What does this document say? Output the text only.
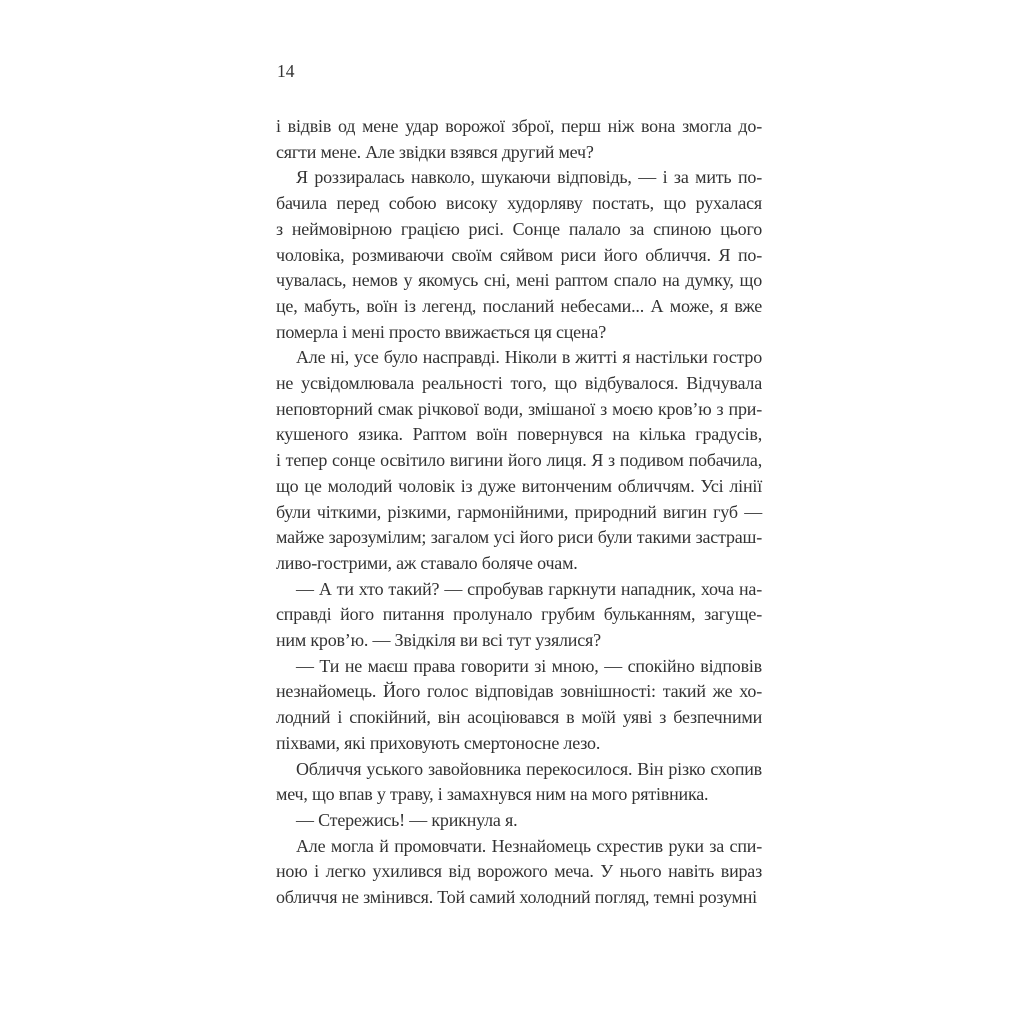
14
і відвів од мене удар ворожої зброї, перш ніж вона змогла до-
сягти мене. Але звідки взявся другий меч?
Я роззиралась навколо, шукаючи відповідь, — і за мить по-
бачила перед собою високу худорляву постать, що рухалася
з неймовірною грацією рисі. Сонце палало за спиною цього
чоловіка, розмиваючи своїм сяйвом риси його обличчя. Я по-
чувалась, немов у якомусь сні, мені раптом спало на думку, що
це, мабуть, воїн із легенд, посланий небесами... А може, я вже
померла і мені просто ввижається ця сцена?
Але ні, усе було насправді. Ніколи в житті я настільки гостро
не усвідомлювала реальності того, що відбувалося. Відчувала
неповторний смак річкової води, змішаної з моєю кров’ю з при-
кушеного язика. Раптом воїн повернувся на кілька градусів,
і тепер сонце освітило вигини його лиця. Я з подивом побачила,
що це молодий чоловік із дуже витонченим обличчям. Усі лінії
були чіткими, різкими, гармонійними, природний вигин губ —
майже зарозумілим; загалом усі його риси були такими застраш-
ливо-гострими, аж ставало боляче очам.
— А ти хто такий? — спробував гаркнути нападник, хоча на-
справді його питання пролунало грубим бульканням, загуще-
ним кров’ю. — Звідкіля ви всі тут узялися?
— Ти не маєш права говорити зі мною, — спокійно відповів
незнайомець. Його голос відповідав зовнішності: такий же хо-
лодний і спокійний, він асоціювався в моїй уяві з безпечними
піхвами, які приховують смертоносне лезо.
Обличчя уського завойовника перекосилося. Він різко схопив
меч, що впав у траву, і замахнувся ним на мого рятівника.
— Стережись! — крикнула я.
Але могла й промовчати. Незнайомець схрестив руки за спи-
ною і легко ухилився від ворожого меча. У нього навіть вираз
обличчя не змінився. Той самий холодний погляд, темні розумні
